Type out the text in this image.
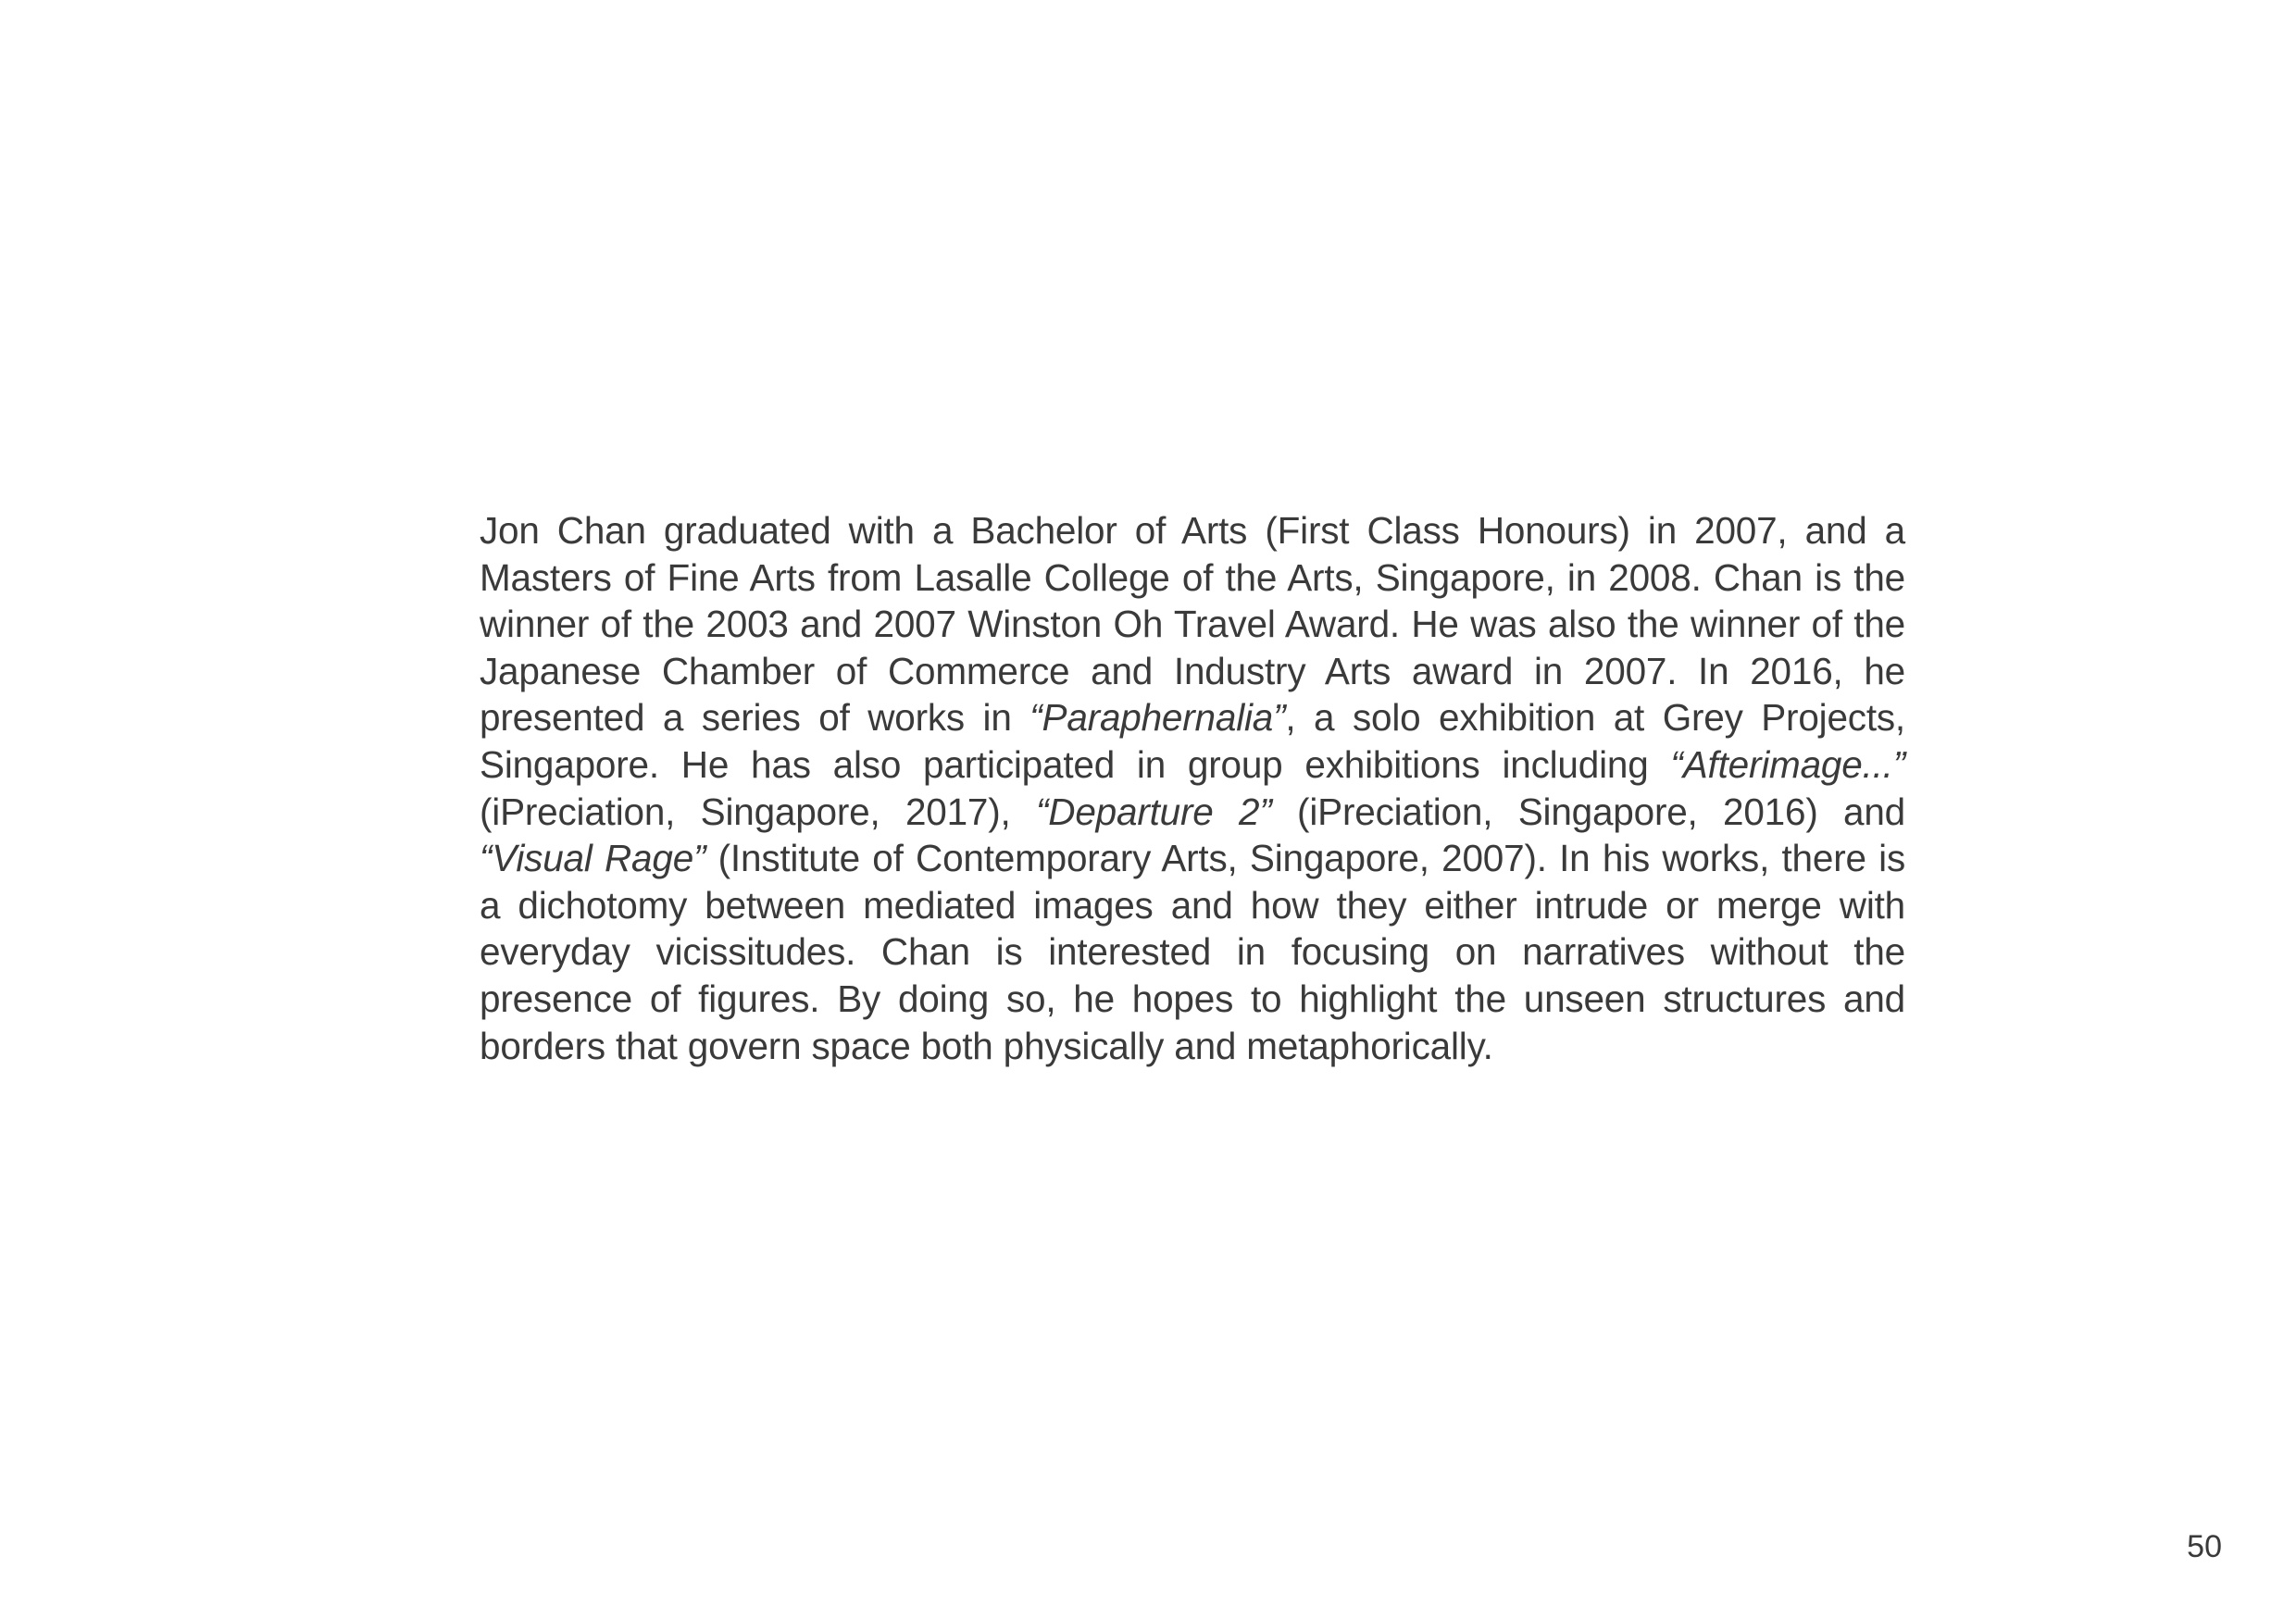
Jon Chan graduated with a Bachelor of Arts (First Class Honours) in 2007, and a Masters of Fine Arts from Lasalle College of the Arts, Singapore, in 2008. Chan is the winner of the 2003 and 2007 Winston Oh Travel Award. He was also the winner of the Japanese Chamber of Commerce and Industry Arts award in 2007. In 2016, he presented a series of works in “Paraphernalia”, a solo exhibition at Grey Projects, Singapore. He has also participated in group exhibitions including “Afterimage...” (iPreciation, Singapore, 2017), “Departure 2” (iPreciation, Singapore, 2016) and “Visual Rage” (Institute of Contemporary Arts, Singapore, 2007). In his works, there is a dichotomy between mediated images and how they either intrude or merge with everyday vicissitudes. Chan is interested in focusing on narratives without the presence of figures. By doing so, he hopes to highlight the unseen structures and borders that govern space both physically and metaphorically.

50
